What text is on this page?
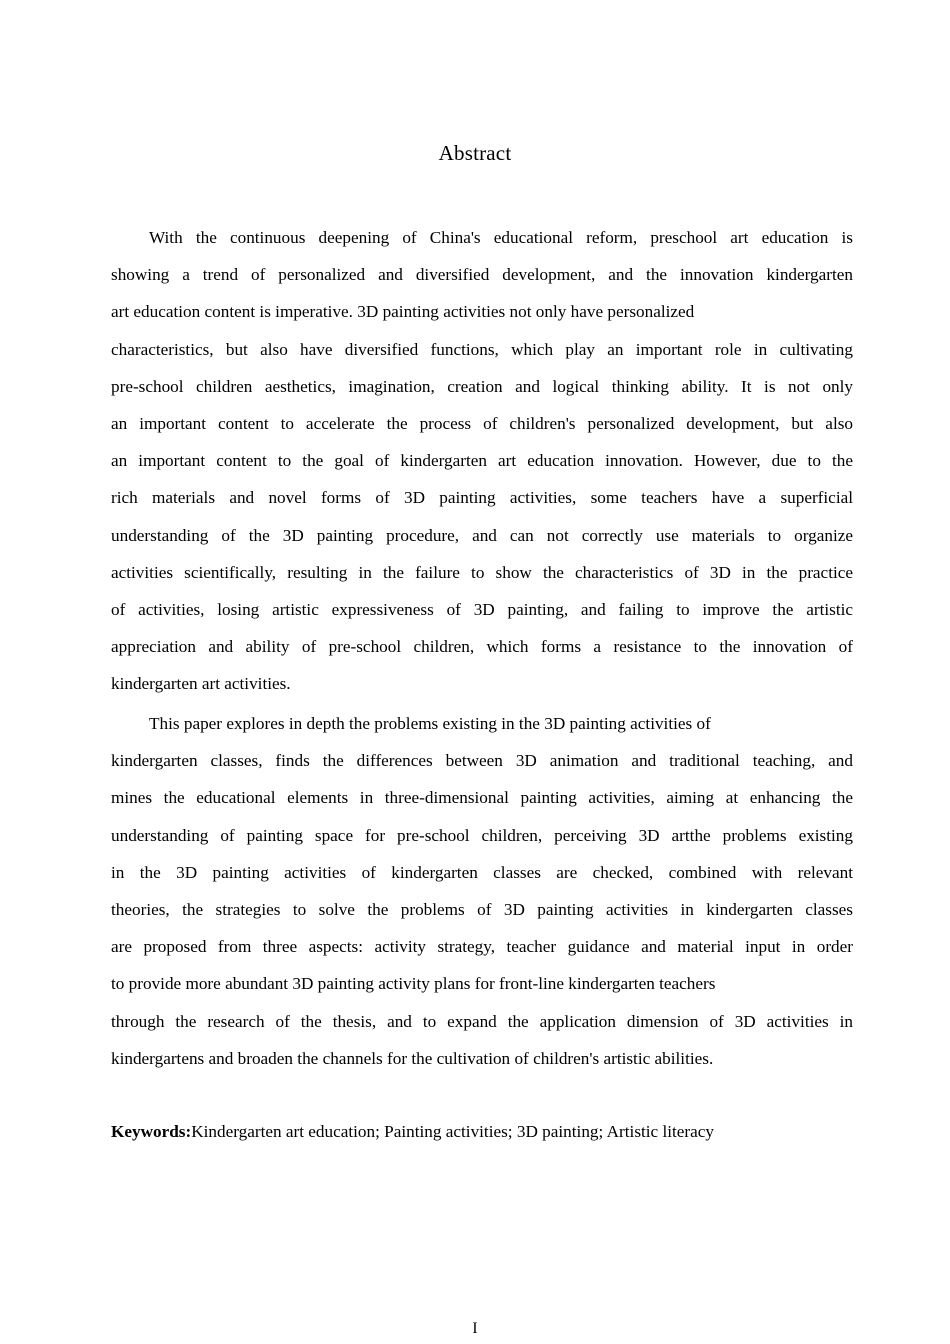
Abstract
With the continuous deepening of China's educational reform, preschool art education is
showing a trend of personalized and diversified development, and the innovation kindergarten
art education content is imperative. 3D painting activities not only have personalized
characteristics, but also have diversified functions, which play an important role in cultivating
pre-school children aesthetics, imagination, creation and logical thinking ability. It is not only
an important content to accelerate the process of children's personalized development, but also
an important content to the goal of kindergarten art education innovation. However, due to the
rich materials and novel forms of 3D painting activities, some teachers have a superficial
understanding of the 3D painting procedure, and can not correctly use materials to organize
activities scientifically, resulting in the failure to show the characteristics of 3D in the practice
of activities, losing artistic expressiveness of 3D painting, and failing to improve the artistic
appreciation and ability of pre-school children, which forms a resistance to the innovation of
kindergarten art activities.
This paper explores in depth the problems existing in the 3D painting activities of
kindergarten classes, finds the differences between 3D animation and traditional teaching, and
mines the educational elements in three-dimensional painting activities, aiming at enhancing the
understanding of painting space for pre-school children, perceiving 3D artthe problems existing
in the 3D painting activities of kindergarten classes are checked, combined with relevant
theories, the strategies to solve the problems of 3D painting activities in kindergarten classes
are proposed from three aspects: activity strategy, teacher guidance and material input in order
to provide more abundant 3D painting activity plans for front-line kindergarten teachers
through the research of the thesis, and to expand the application dimension of 3D activities in
kindergartens and broaden the channels for the cultivation of children's artistic abilities.
Keywords:Kindergarten art education; Painting activities; 3D painting; Artistic literacy
I
